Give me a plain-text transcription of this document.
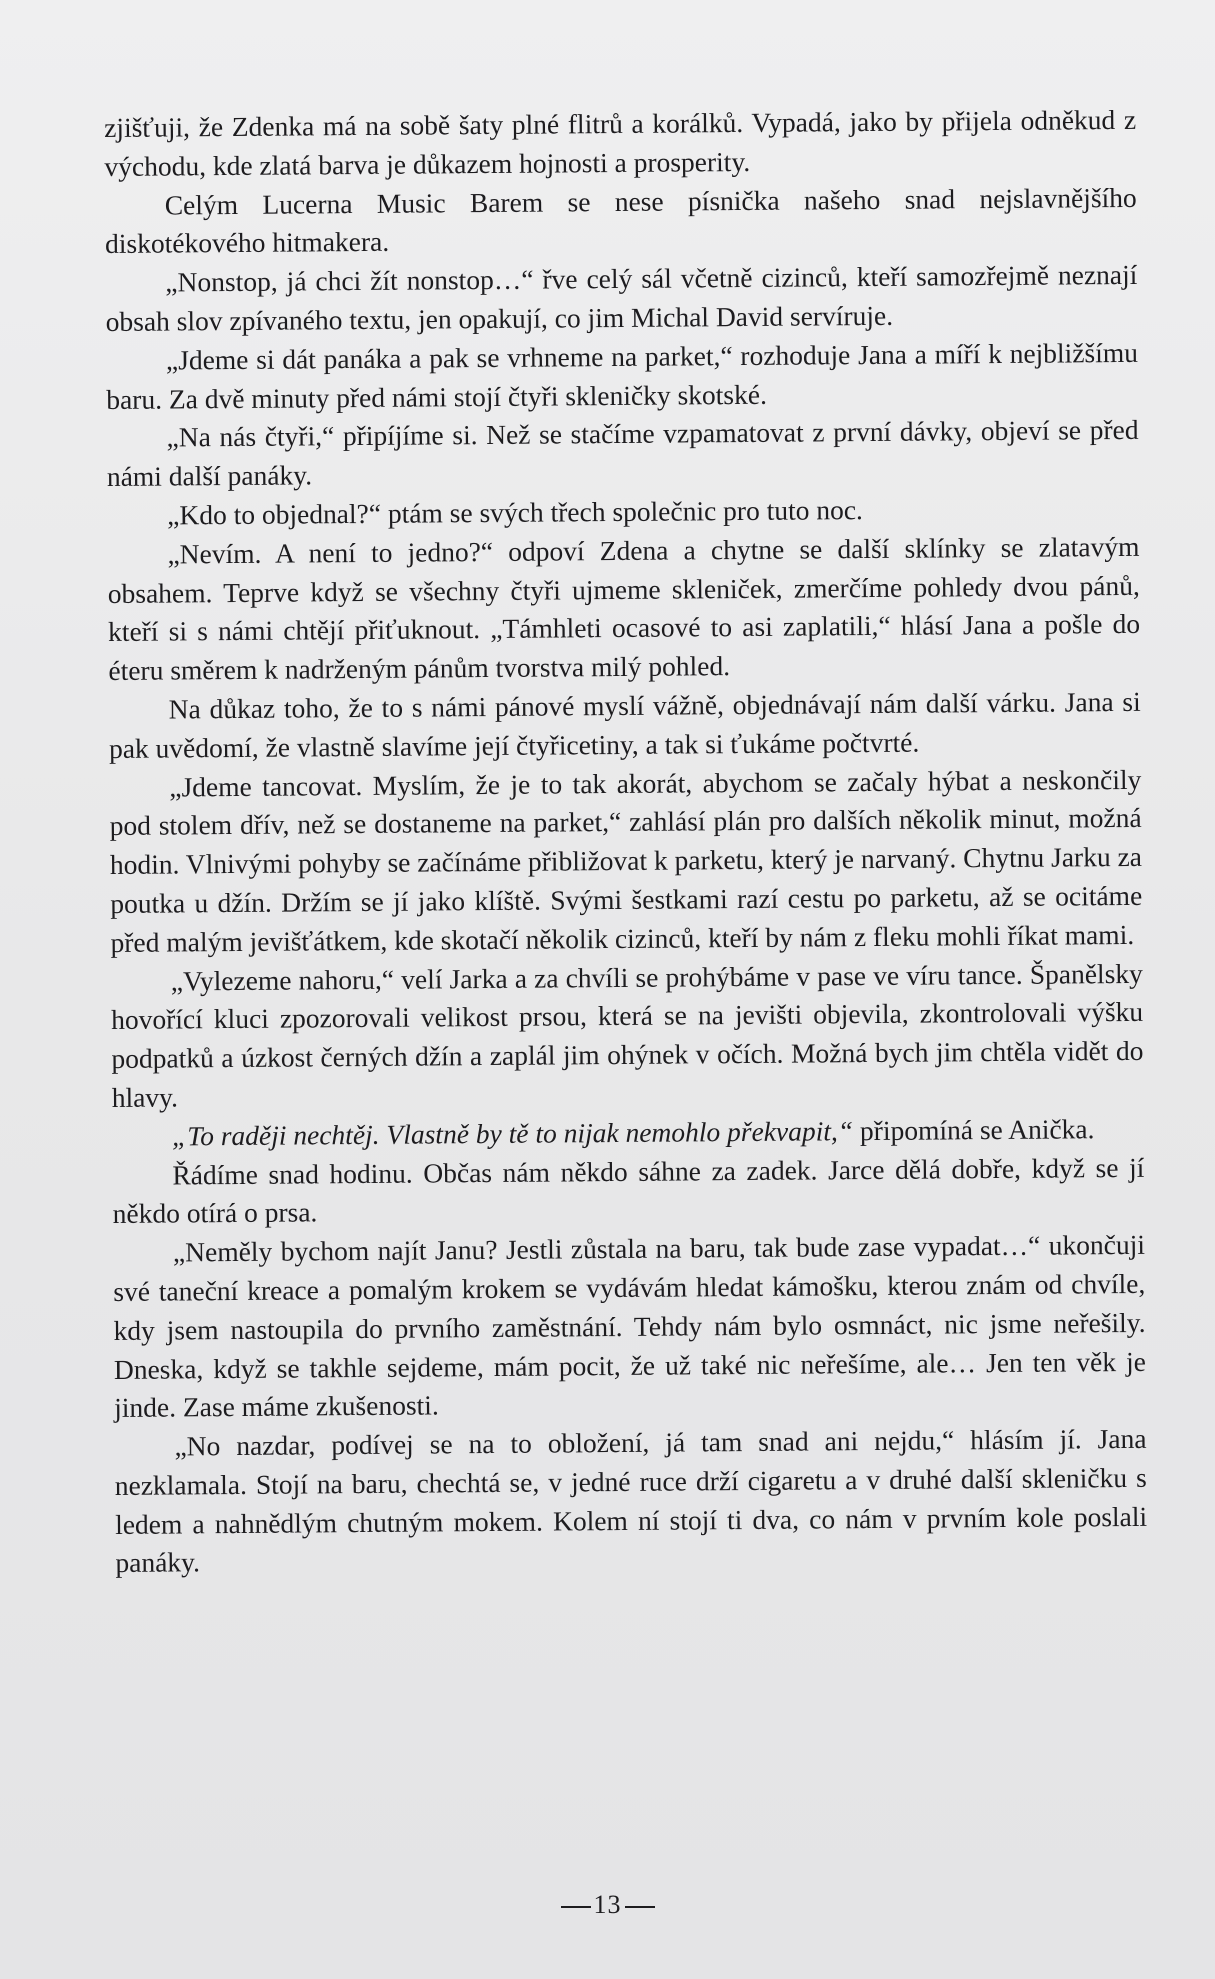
zjišťuji, že Zdenka má na sobě šaty plné flitrů a korálků. Vypadá, jako by přijela odněkud z východu, kde zlatá barva je důkazem hojnosti a prosperity.

Celým Lucerna Music Barem se nese písnička našeho snad nejslavnějšího diskotékového hitmakera.

„Nonstop, já chci žít nonstop…“ řve celý sál včetně cizinců, kteří samozřejmě neznají obsah slov zpívaného textu, jen opakují, co jim Michal David servíruje.

„Jdeme si dát panáka a pak se vrhneme na parket,“ rozhoduje Jana a míří k nejbližšímu baru. Za dvě minuty před námi stojí čtyři skleničky skotské.

„Na nás čtyři,“ připíjíme si. Než se stačíme vzpamatovat z první dávky, objeví se před námi další panáky.

„Kdo to objednal?“ ptám se svých třech společnic pro tuto noc.

„Nevím. A není to jedno?“ odpoví Zdena a chytne se další sklínky se zlatavým obsahem. Teprve když se všechny čtyři ujmeme skleniček, zmerčíme pohledy dvou pánů, kteří si s námi chtějí přiťuknout. „Támhleti ocasové to asi zaplatili,“ hlásí Jana a pošle do éteru směrem k nadrženým pánům tvorstva milý pohled.

Na důkaz toho, že to s námi pánové myslí vážně, objednávají nám další várku. Jana si pak uvědomí, že vlastně slavíme její čtyřicetiny, a tak si ťukáme počtvrté.

„Jdeme tancovat. Myslím, že je to tak akorát, abychom se začaly hýbat a neskončily pod stolem dřív, než se dostaneme na parket,“ zahlásí plán pro dalších několik minut, možná hodin. Vlnivými pohyby se začínáme přibližovat k parketu, který je narvaný. Chytnu Jarku za poutka u džín. Držím se jí jako klíště. Svými šestkami razí cestu po parketu, až se ocitáme před malým jevišťátkem, kde skotačí několik cizinců, kteří by nám z fleku mohli říkat mami.

„Vylezeme nahoru,“ velí Jarka a za chvíli se prohýbáme v pase ve víru tance. Španělsky hovořící kluci zpozorovali velikost prsou, která se na jevišti objevila, zkontrolovali výšku podpatků a úzkost černých džín a zaplál jim ohýnek v očích. Možná bych jim chtěla vidět do hlavy.

„To raději nechtěj. Vlastně by tě to nijak nemohlo překvapit,“ připomíná se Anička.

Řádíme snad hodinu. Občas nám někdo sáhne za zadek. Jarce dělá dobře, když se jí někdo otírá o prsa.

„Neměly bychom najít Janu? Jestli zůstala na baru, tak bude zase vypadat…“ ukončuji své taneční kreace a pomalým krokem se vydávám hledat kámošku, kterou znám od chvíle, kdy jsem nastoupila do prvního zaměstnání. Tehdy nám bylo osmnáct, nic jsme neřešily. Dneska, když se takhle sejdeme, mám pocit, že už také nic neřešíme, ale… Jen ten věk je jinde. Zase máme zkušenosti.

„No nazdar, podívej se na to obložení, já tam snad ani nejdu,“ hlásím jí. Jana nezklamala. Stojí na baru, chechtá se, v jedné ruce drží cigaretu a v druhé další skleničku s ledem a nahnědlým chutným mokem. Kolem ní stojí ti dva, co nám v prvním kole poslali panáky.

13
